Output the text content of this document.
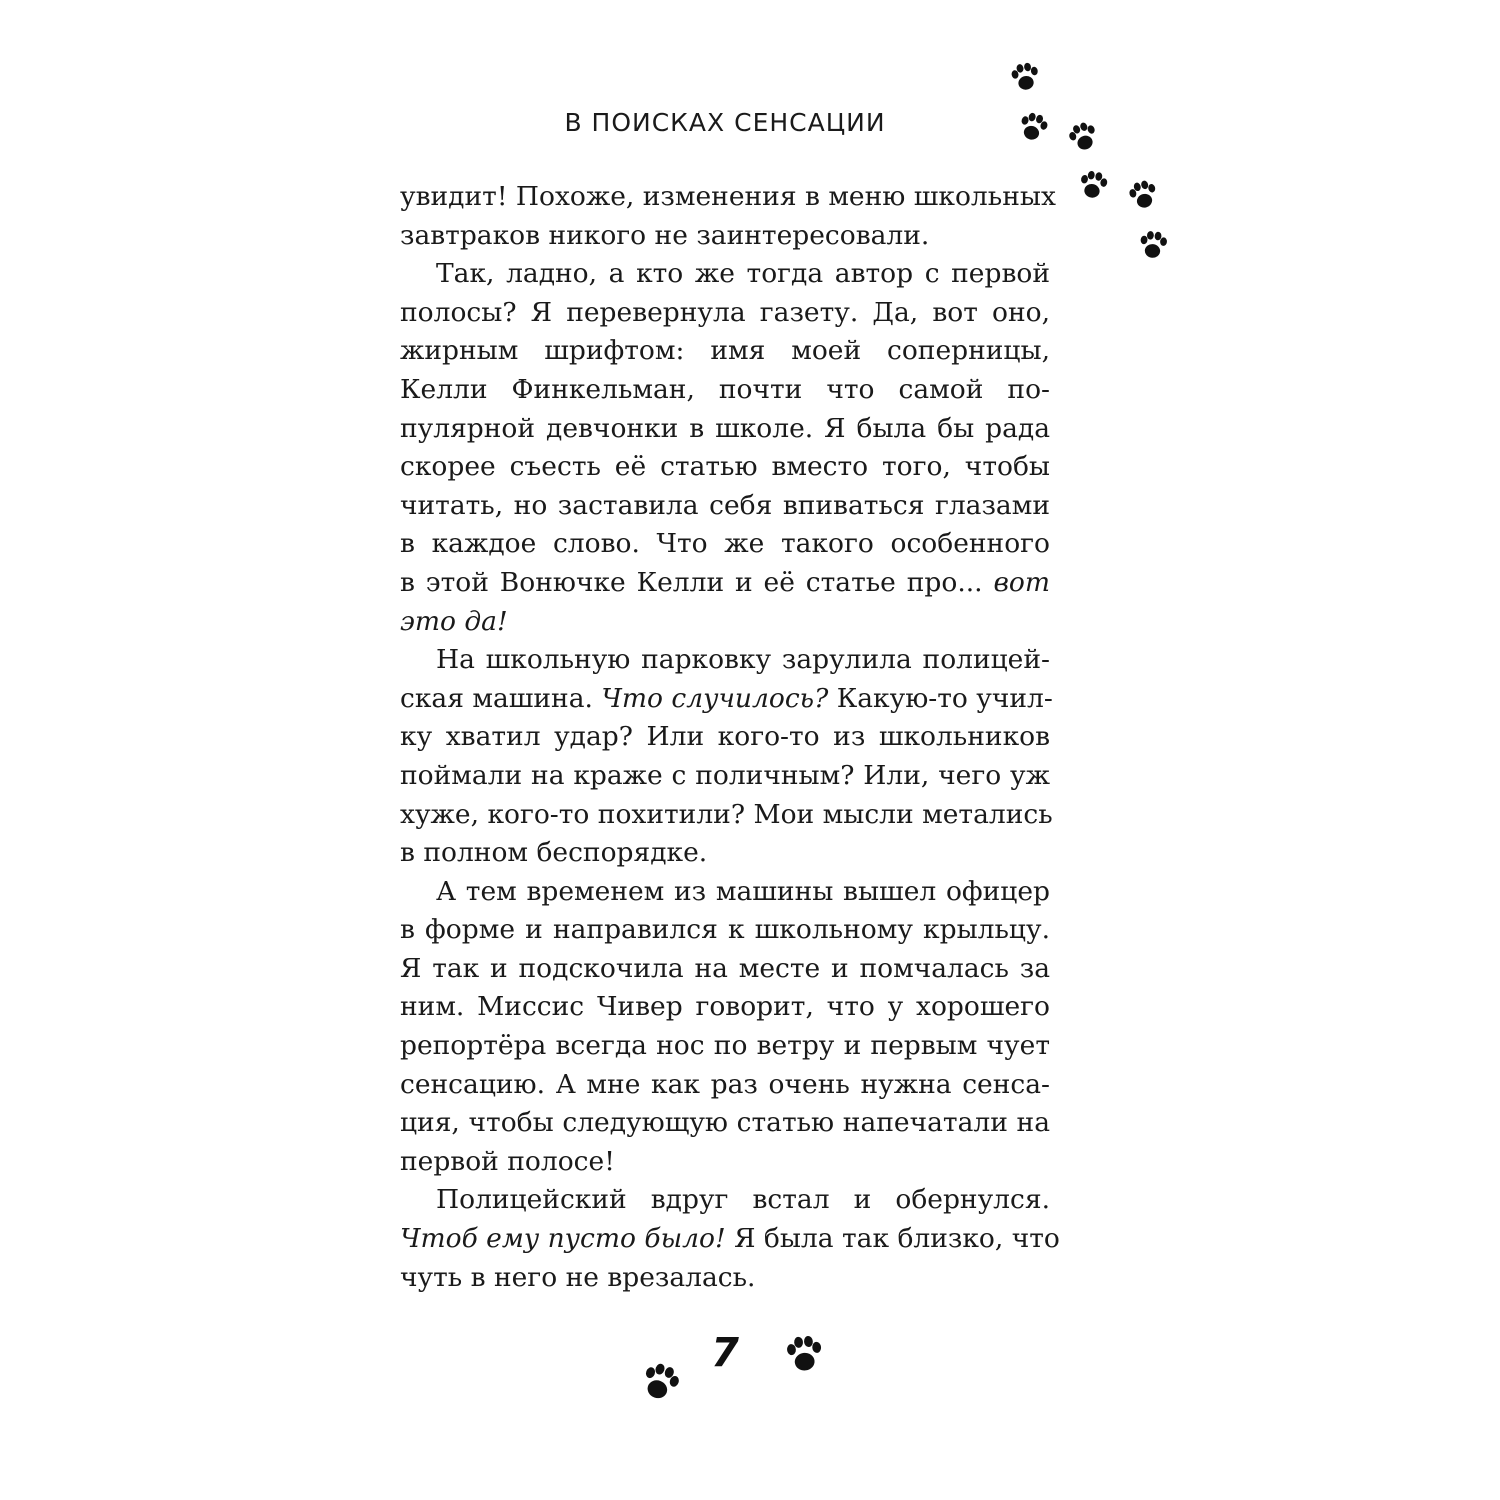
В ПОИСКАХ СЕНСАЦИИ
увидит! Похоже, изменения в меню школьных
завтраков никого не заинтересовали.
Так, ладно, а кто же тогда автор с первой
полосы? Я перевернула газету. Да, вот оно,
жирным шрифтом: имя моей соперницы,
Келли Финкельман, почти что самой по-
пулярной девчонки в школе. Я была бы рада
скорее съесть её статью вместо того, чтобы
читать, но заставила себя впиваться глазами
в каждое слово. Что же такого особенного
в этой Вонючке Келли и её статье про... вот
это да!
На школьную парковку зарулила полицей-
ская машина. Что случилось? Какую-то учил-
ку хватил удар? Или кого-то из школьников
поймали на краже с поличным? Или, чего уж
хуже, кого-то похитили? Мои мысли метались
в полном беспорядке.
А тем временем из машины вышел офицер
в форме и направился к школьному крыльцу.
Я так и подскочила на месте и помчалась за
ним. Миссис Чивер говорит, что у хорошего
репортёра всегда нос по ветру и первым чует
сенсацию. А мне как раз очень нужна сенса-
ция, чтобы следующую статью напечатали на
первой полосе!
Полицейский вдруг встал и обернулся.
Чтоб ему пусто было! Я была так близко, что
чуть в него не врезалась.
7
